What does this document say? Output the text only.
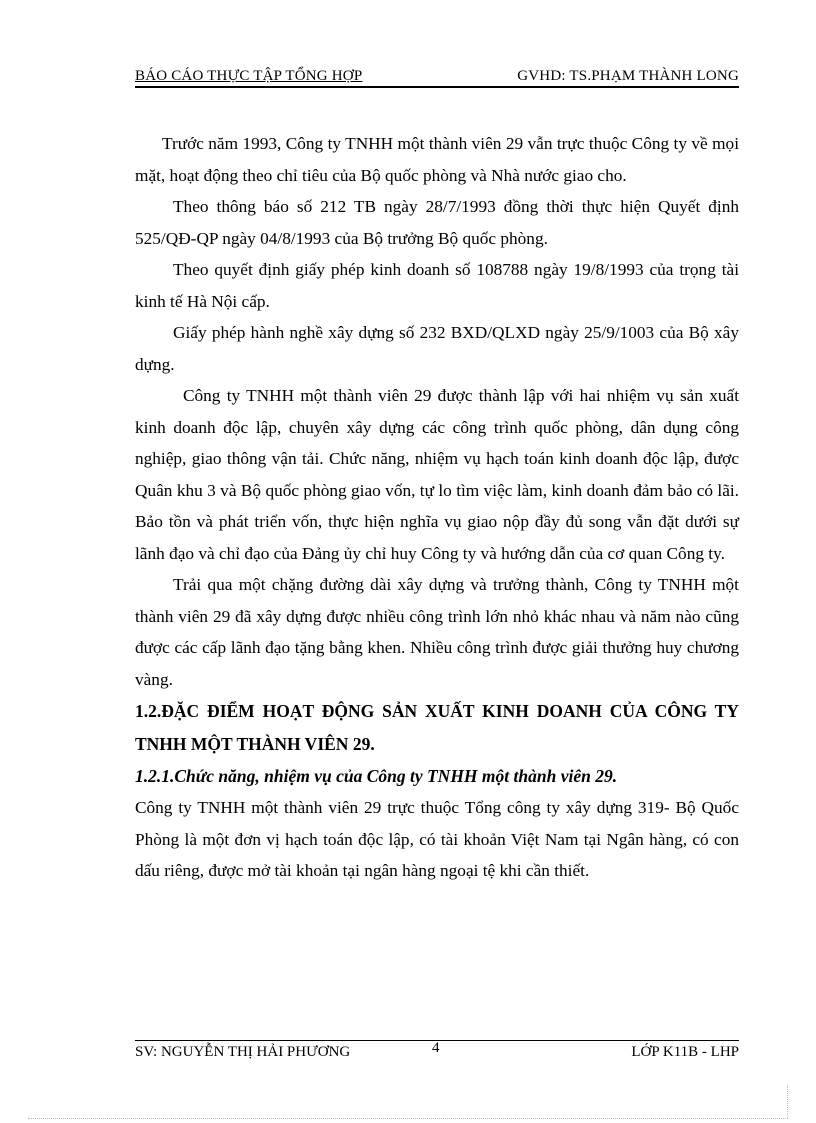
BÁO CÁO THỰC TẬP TỔNG HỢP	GVHD: TS.PHẠM THÀNH LONG

Trước năm 1993, Công ty TNHH một thành viên 29 vẫn trực thuộc Công ty về mọi mặt, hoạt động theo chỉ tiêu của Bộ quốc phòng và Nhà nước giao cho.

Theo thông báo số 212 TB ngày 28/7/1993 đồng thời thực hiện Quyết định 525/QĐ-QP ngày 04/8/1993 của Bộ trưởng Bộ quốc phòng.

Theo quyết định giấy phép kinh doanh số 108788 ngày 19/8/1993 của trọng tài kinh tế Hà Nội cấp.

Giấy phép hành nghề xây dựng số 232 BXD/QLXD ngày 25/9/1003 của Bộ xây dựng.

Công ty TNHH một thành viên 29 được thành lập với hai nhiệm vụ sản xuất kinh doanh độc lập, chuyên xây dựng các công trình quốc phòng, dân dụng công nghiệp, giao thông vận tải. Chức năng, nhiệm vụ hạch toán kinh doanh độc lập, được Quân khu 3 và Bộ quốc phòng giao vốn, tự lo tìm việc làm, kinh doanh đảm bảo có lãi. Bảo tồn và phát triển vốn, thực hiện nghĩa vụ giao nộp đầy đủ song vẫn đặt dưới sự lãnh đạo và chỉ đạo của Đảng ủy chỉ huy Công ty và hướng dẫn của cơ quan Công ty.

Trải qua một chặng đường dài xây dựng và trưởng thành, Công ty TNHH một thành viên 29 đã xây dựng được nhiều công trình lớn nhỏ khác nhau và năm nào cũng được các cấp lãnh đạo tặng bằng khen. Nhiều công trình được giải thưởng huy chương vàng.

1.2.ĐẶC ĐIỂM HOẠT ĐỘNG SẢN XUẤT KINH DOANH CỦA CÔNG TY TNHH MỘT THÀNH VIÊN 29.

1.2.1.Chức năng, nhiệm vụ của Công ty TNHH một thành viên 29.

Công ty TNHH một thành viên 29 trực thuộc Tổng công ty xây dựng 319- Bộ Quốc Phòng là một đơn vị hạch toán độc lập, có tài khoản Việt Nam tại Ngân hàng, có con dấu riêng, được mở tài khoản tại ngân hàng ngoại tệ khi cần thiết.

SV: NGUYỄN THỊ HẢI PHƯƠNG	4	LỚP K11B - LHP
